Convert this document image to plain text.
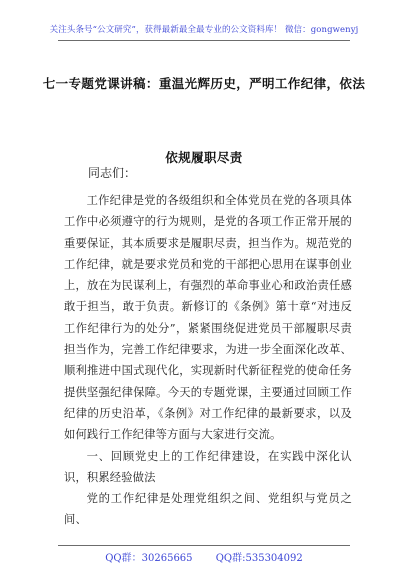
关注头条号“公文研究”，获得最新最全最专业的公文资料库！ 微信：gongwenyj
七一专题党课讲稿：重温光辉历史，严明工作纪律，依法
同志们：
依规履职尽责

工作纪律是党的各级组织和全体党员在党的各项具体工作中必须遵守的行为规则，是党的各项工作正常开展的重要保证，其本质要求是履职尽责，担当作为。规范党的工作纪律，就是要求党员和党的干部把心思用在谋事创业上，放在为民谋利上，有强烈的革命事业心和政治责任感敢于担当，敢于负责。新修订的《条例》第十章“对违反工作纪律行为的处分”，紧紧围绕促进党员干部履职尽责担当作为，完善工作纪律要求，为进一步全面深化改革、顺利推进中国式现代化，实现新时代新征程党的使命任务提供坚强纪律保障。今天的专题党课，主要通过回顾工作纪律的历史沿革，《条例》对工作纪律的最新要求，以及如何践行工作纪律等方面与大家进行交流。

一、回顾党史上的工作纪律建设，在实践中深化认识，积累经验做法

党的工作纪律是处理党组织之间、党组织与党员之间、

QQ群：30265665 QQ群:535304092
